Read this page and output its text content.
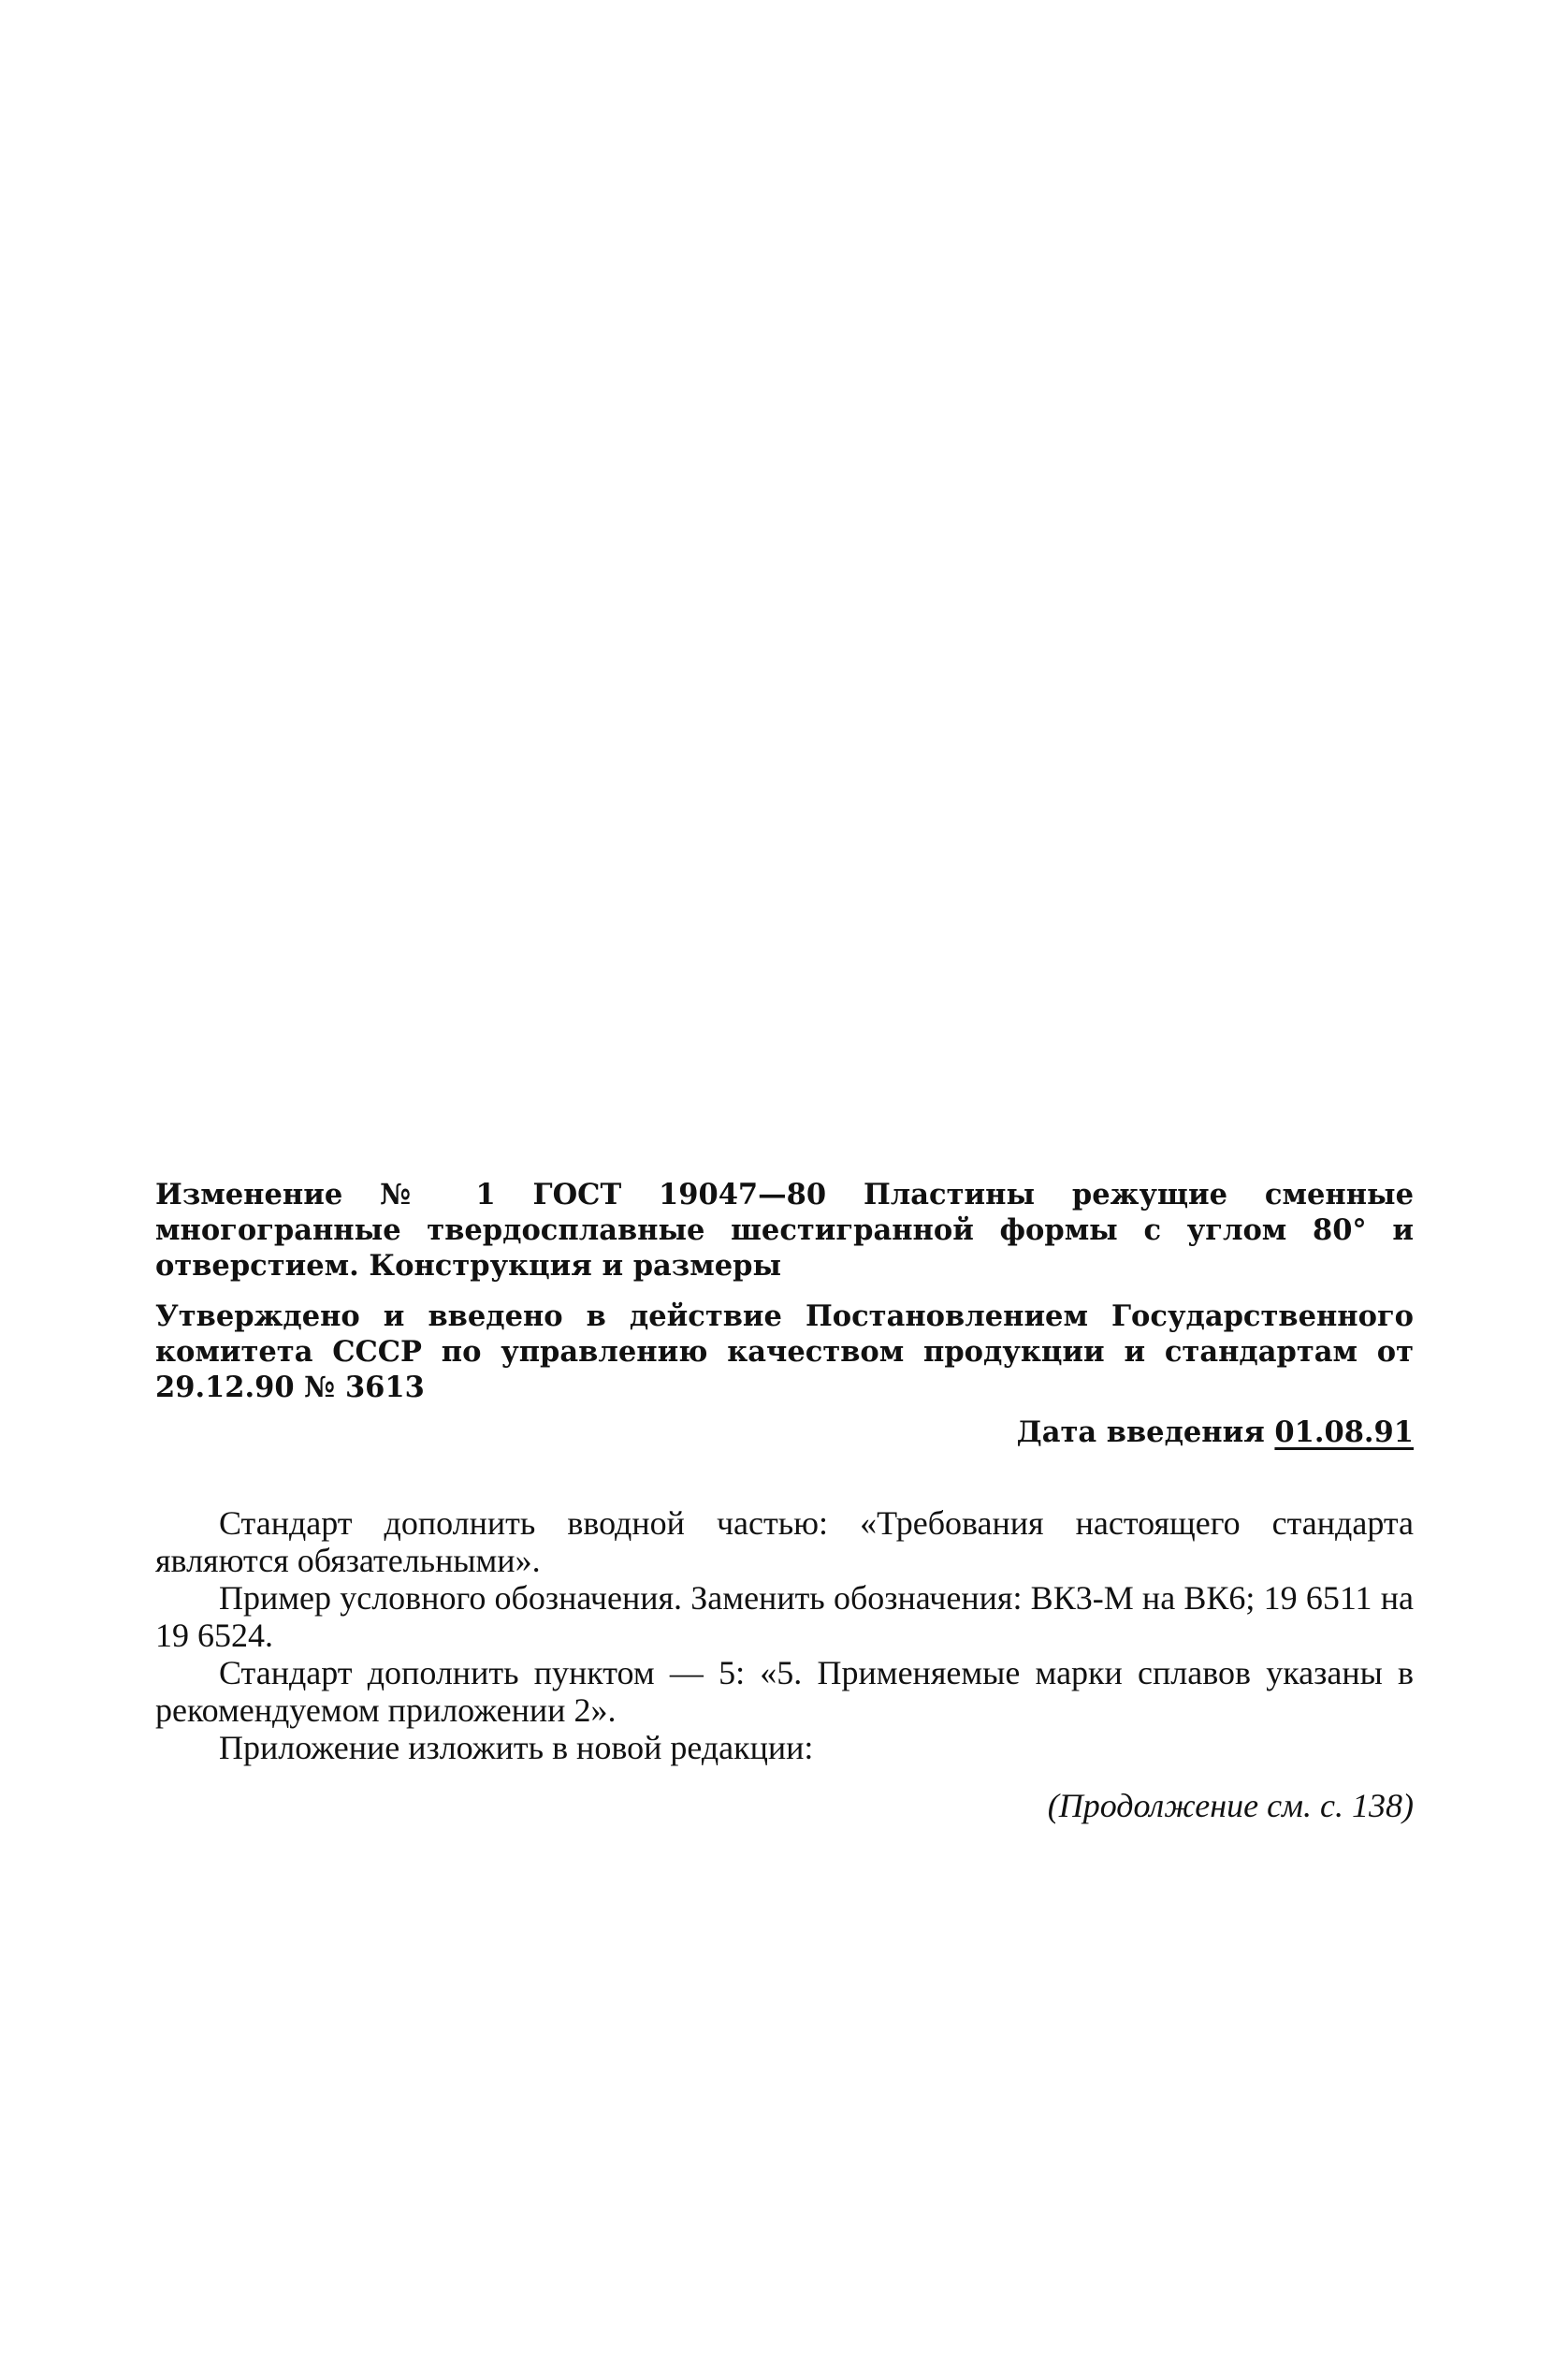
Изменение № 1 ГОСТ 19047—80 Пластины режущие сменные многогранные твердосплавные шестигранной формы с углом 80° и отверстием. Конструкция и размеры

Утверждено и введено в действие Постановлением Государственного комитета СССР по управлению качеством продукции и стандартам от 29.12.90 № 3613

Дата введения 01.08.91

Стандарт дополнить вводной частью: «Требования настоящего стандарта являются обязательными».

Пример условного обозначения. Заменить обозначения: ВК3-М на ВК6; 19 6511 на 19 6524.

Стандарт дополнить пунктом — 5: «5. Применяемые марки сплавов указаны в рекомендуемом приложении 2».

Приложение изложить в новой редакции:

(Продолжение см. с. 138)
